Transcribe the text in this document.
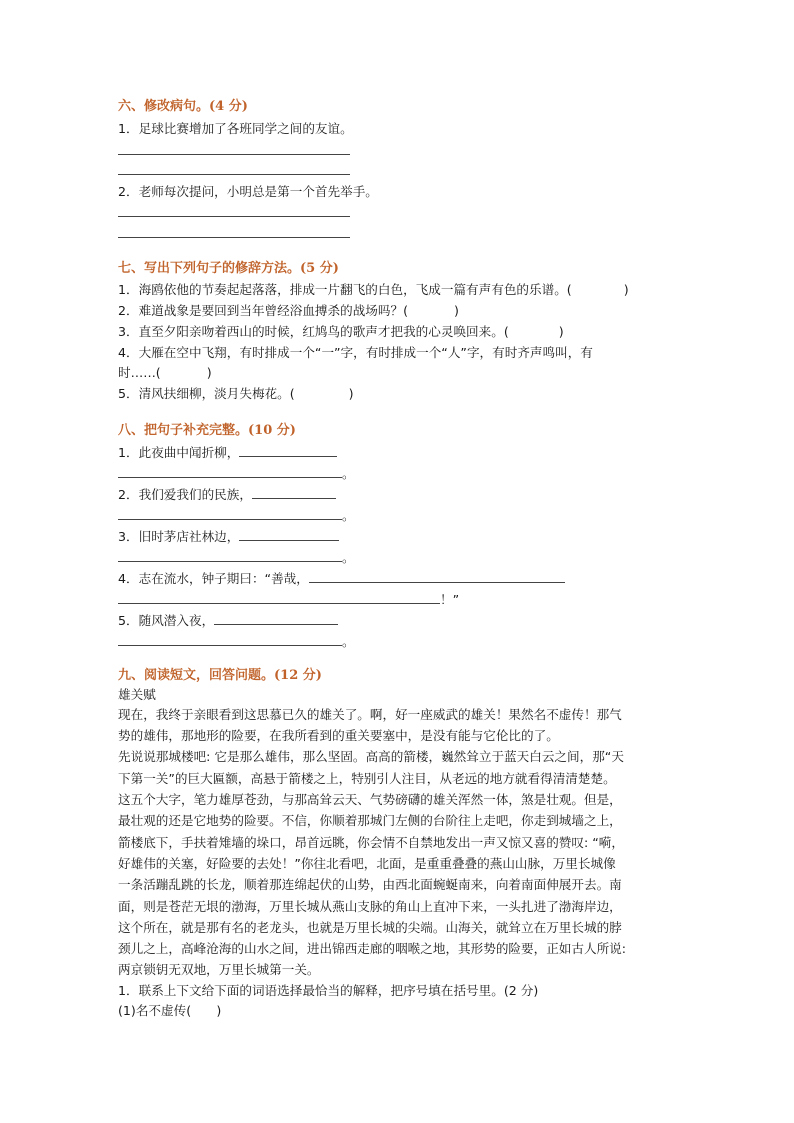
六、修改病句。(4 分)
1．足球比赛增加了各班同学之间的友谊。
2．老师每次提问，小明总是第一个首先举手。
七、写出下列句子的修辞方法。(5 分)
1．海鸥依他的节奏起起落落，排成一片翻飞的白色，飞成一篇有声有色的乐谱。(	)
2．难道战象是要回到当年曾经浴血搏杀的战场吗？(	)
3．直至夕阳亲吻着西山的时候，红鸠鸟的歌声才把我的心灵唤回来。(	)
4．大雁在空中飞翔，有时排成一个“一”字，有时排成一个“人”字，有时齐声鸣叫，有
时……(	)
5．清风扶细柳，淡月失梅花。(	)
八、把句子补充完整。(10 分)
1．此夜曲中闻折柳，
。
2．我们爱我们的民族，
。
3．旧时茅店社林边，
。
4．志在流水，钟子期曰：“善哉，
！”
5．随风潜入夜，
。
九、阅读短文，回答问题。(12 分)
雄关赋
现在，我终于亲眼看到这思慕已久的雄关了。啊，好一座威武的雄关！果然名不虚传！那气
势的雄伟，那地形的险要，在我所看到的重关要塞中，是没有能与它伦比的了。
先说说那城楼吧: 它是那么雄伟，那么坚固。高高的箭楼，巍然耸立于蓝天白云之间，那“天
下第一关”的巨大匾额，高悬于箭楼之上，特别引人注目，从老远的地方就看得清清楚楚。
这五个大字，笔力雄厚苍劲，与那高耸云天、气势磅礴的雄关浑然一体，煞是壮观。但是，
最壮观的还是它地势的险要。不信，你顺着那城门左侧的台阶往上走吧，你走到城墙之上，
箭楼底下，手扶着雉墙的垛口，昂首远眺，你会情不自禁地发出一声又惊又喜的赞叹: “嗬，
好雄伟的关塞，好险要的去处！”你往北看吧，北面，是重重叠叠的燕山山脉，万里长城像
一条活蹦乱跳的长龙，顺着那连绵起伏的山势，由西北面蜿蜒南来，向着南面伸展开去。南
面，则是苍茫无垠的渤海，万里长城从燕山支脉的角山上直冲下来，一头扎进了渤海岸边，
这个所在，就是那有名的老龙头，也就是万里长城的尖端。山海关，就耸立在万里长城的脖
颈儿之上，高峰沧海的山水之间，进出锦西走廊的咽喉之地，其形势的险要，正如古人所说:
两京锁钥无双地，万里长城第一关。
1．联系上下文给下面的词语选择最恰当的解释，把序号填在括号里。(2 分)
(1)名不虚传(　　)
